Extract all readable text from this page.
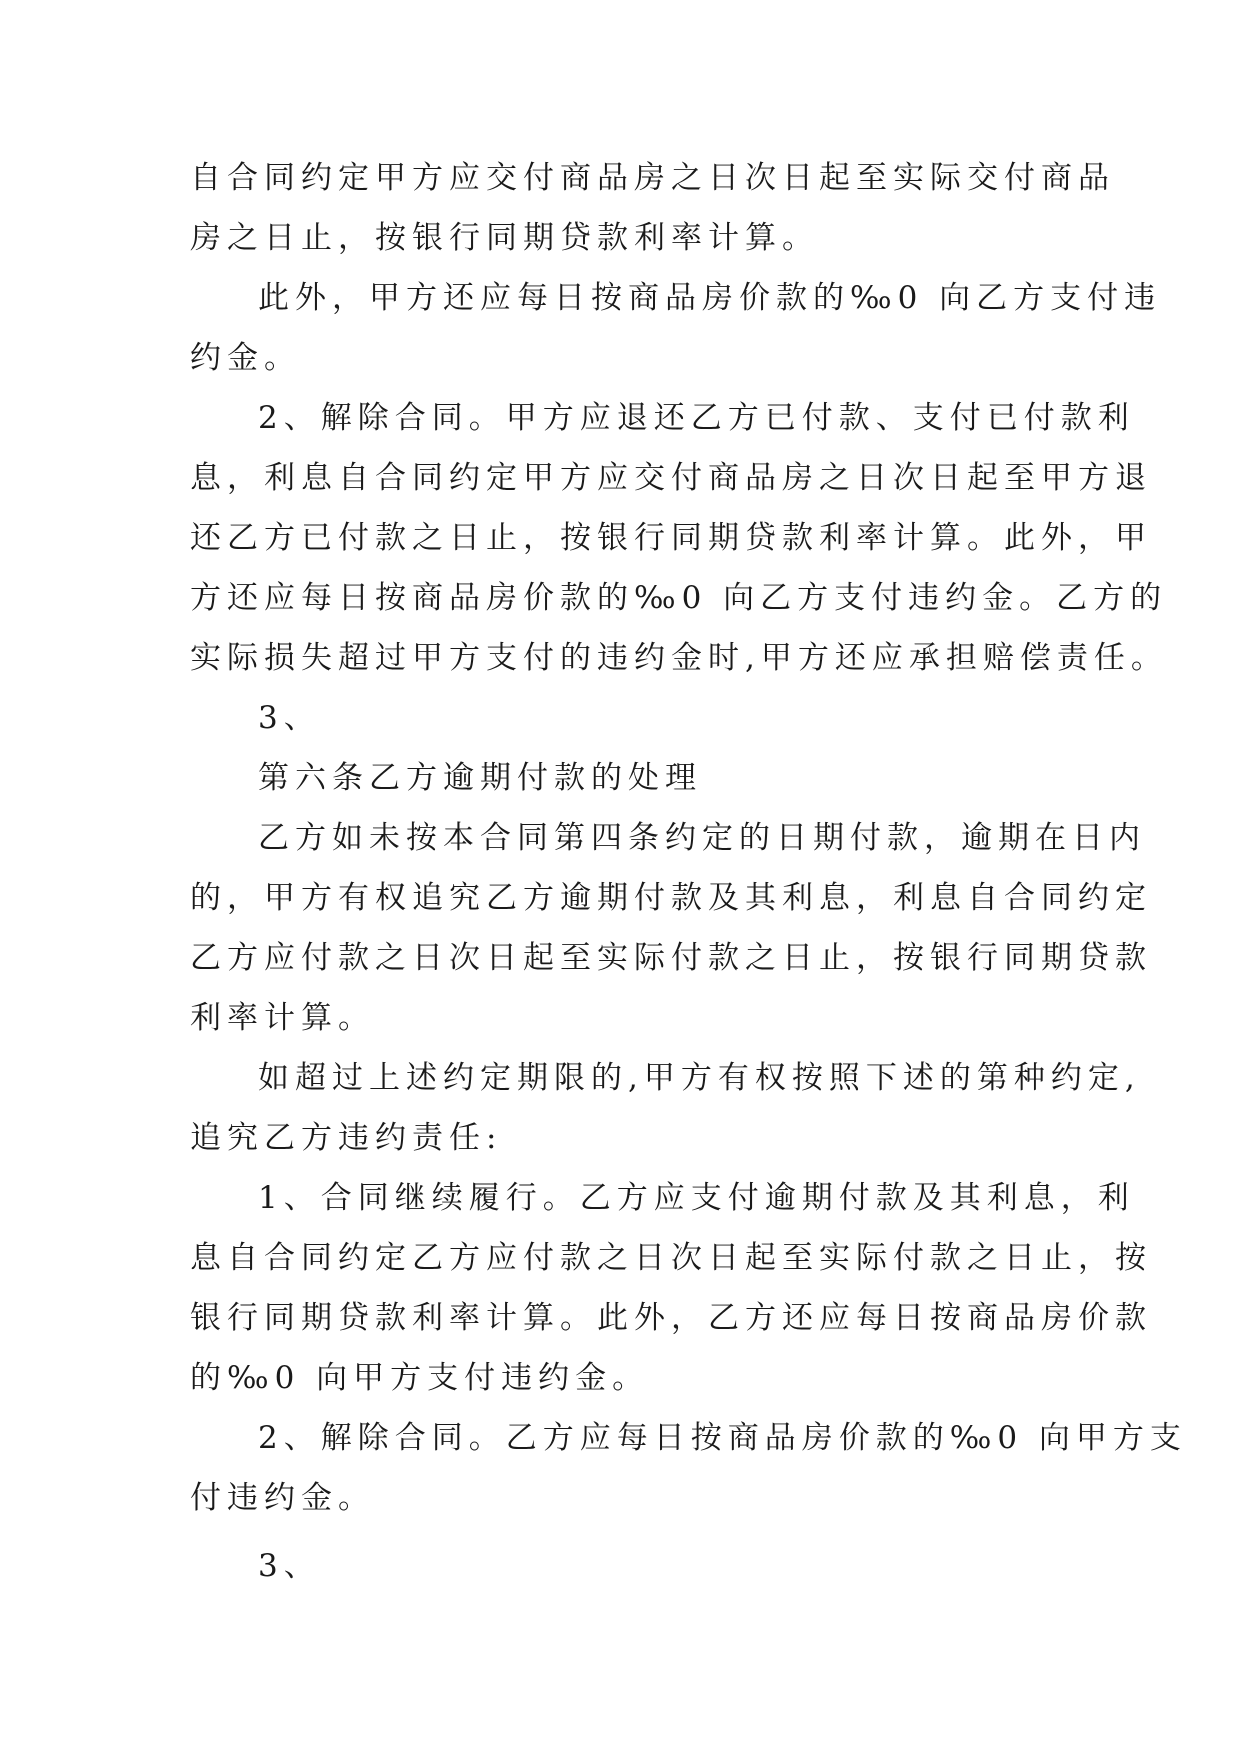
自合同约定甲方应交付商品房之日次日起至实际交付商品
房之日止，按银行同期贷款利率计算。

此外，甲方还应每日按商品房价款的‰0 向乙方支付违
约金。

2、解除合同。甲方应退还乙方已付款、支付已付款利
息，利息自合同约定甲方应交付商品房之日次日起至甲方退
还乙方已付款之日止，按银行同期贷款利率计算。此外，甲
方还应每日按商品房价款的‰0 向乙方支付违约金。乙方的
实际损失超过甲方支付的违约金时,甲方还应承担赔偿责任。

3、

第六条乙方逾期付款的处理

乙方如未按本合同第四条约定的日期付款，逾期在日内
的，甲方有权追究乙方逾期付款及其利息，利息自合同约定
乙方应付款之日次日起至实际付款之日止，按银行同期贷款
利率计算。

如超过上述约定期限的,甲方有权按照下述的第种约定,
追究乙方违约责任:

1、合同继续履行。乙方应支付逾期付款及其利息，利
息自合同约定乙方应付款之日次日起至实际付款之日止，按
银行同期贷款利率计算。此外，乙方还应每日按商品房价款
的‰0 向甲方支付违约金。

2、解除合同。乙方应每日按商品房价款的‰0 向甲方支
付违约金。

3、
